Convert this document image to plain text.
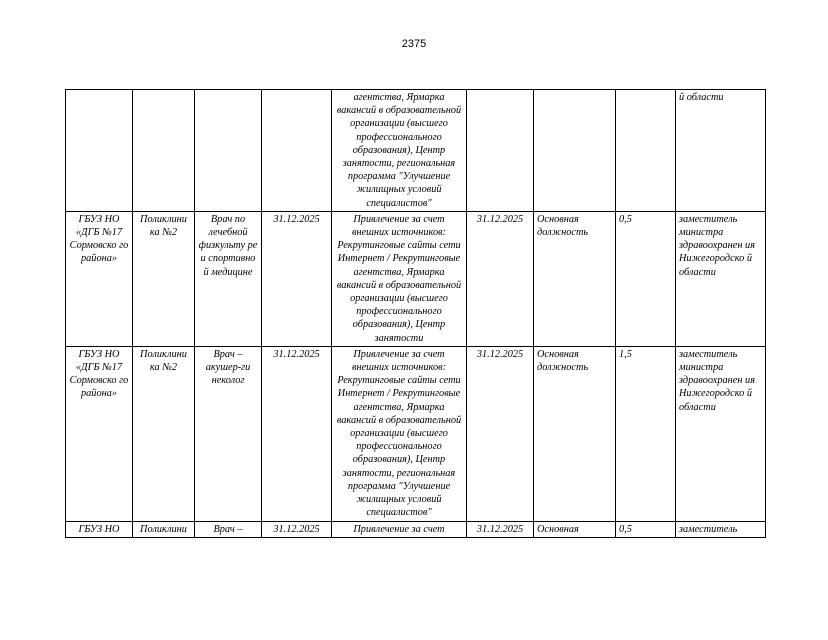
2375
				агентства, Ярмарка вакансий в образовательной организации (высшего профессионального образования), Центр занятости, региональная программа "Улучшение жилищных условий специалистов"				й области
ГБУЗ НО «ДГБ №17 Сормовско го района»	Поликлини ка №2	Врач по лечебной физкульту ре и спортивно й медицине	31.12.2025	Привлечение за счет внешних источников: Рекрутинговые сайты сети Интернет / Рекрутинговые агентства, Ярмарка вакансий в образовательной организации (высшего профессионального образования), Центр занятости	31.12.2025	Основная должность	0,5	заместитель министра здравоохранен ия Нижегородско й области
ГБУЗ НО «ДГБ №17 Сормовско го района»	Поликлини ка №2	Врач – акушер-ги неколог	31.12.2025	Привлечение за счет внешних источников: Рекрутинговые сайты сети Интернет / Рекрутинговые агентства, Ярмарка вакансий в образовательной организации (высшего профессионального образования), Центр занятости, региональная программа "Улучшение жилищных условий специалистов"	31.12.2025	Основная должность	1,5	заместитель министра здравоохранен ия Нижегородско й области
ГБУЗ НО	Поликлини	Врач –	31.12.2025	Привлечение за счет	31.12.2025	Основная	0,5	заместитель
